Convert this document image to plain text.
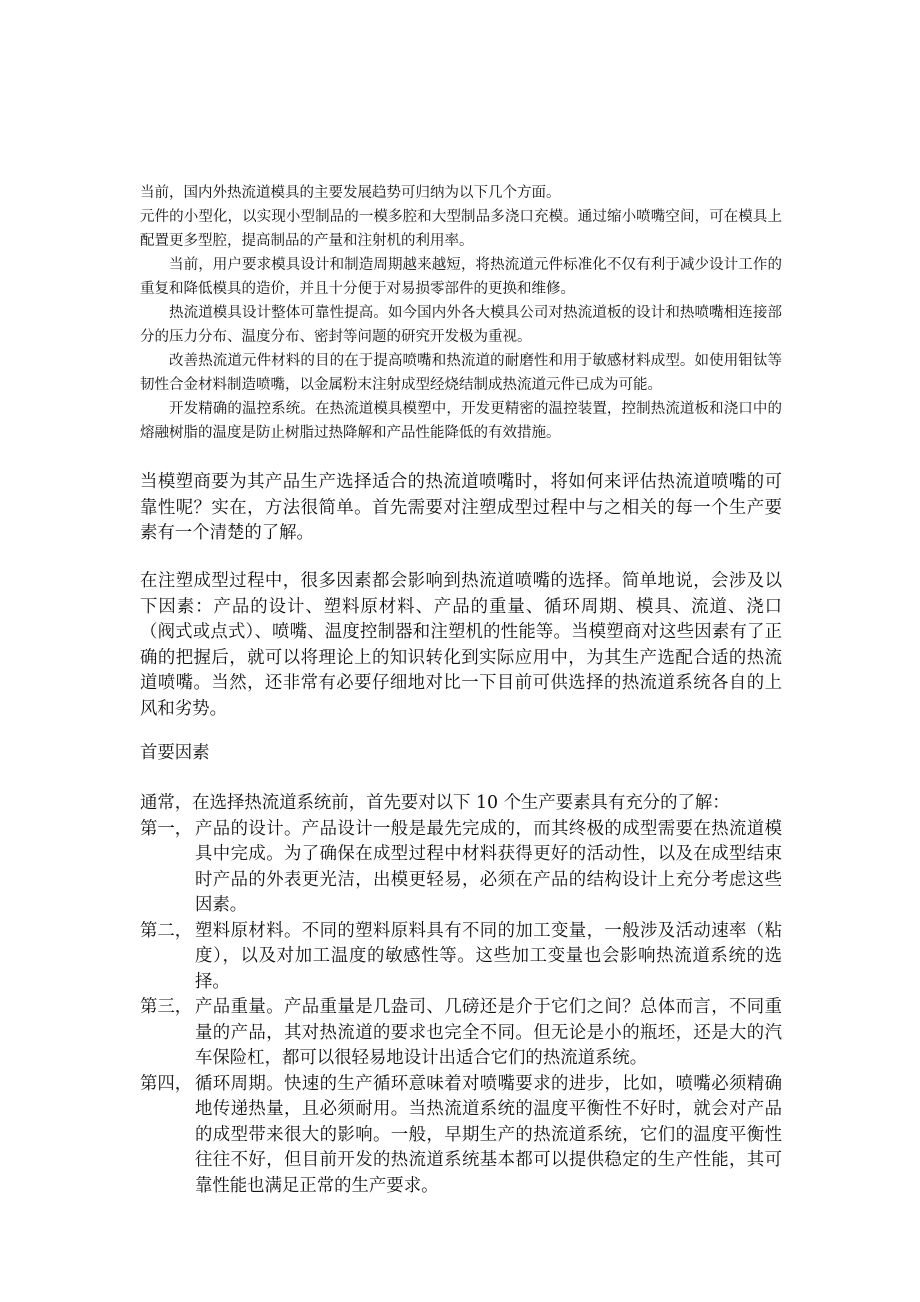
当前，国内外热流道模具的主要发展趋势可归纳为以下几个方面。

元件的小型化，以实现小型制品的一模多腔和大型制品多浇口充模。通过缩小喷嘴空间，可在模具上配置更多型腔，提高制品的产量和注射机的利用率。

当前，用户要求模具设计和制造周期越来越短，将热流道元件标准化不仅有利于减少设计工作的重复和降低模具的造价，并且十分便于对易损零部件的更换和维修。

热流道模具设计整体可靠性提高。如今国内外各大模具公司对热流道板的设计和热喷嘴相连接部分的压力分布、温度分布、密封等问题的研究开发极为重视。

改善热流道元件材料的目的在于提高喷嘴和热流道的耐磨性和用于敏感材料成型。如使用钼钛等韧性合金材料制造喷嘴，以金属粉末注射成型经烧结制成热流道元件已成为可能。

开发精确的温控系统。在热流道模具模塑中，开发更精密的温控装置，控制热流道板和浇口中的熔融树脂的温度是防止树脂过热降解和产品性能降低的有效措施。

当模塑商要为其产品生产选择适合的热流道喷嘴时，将如何来评估热流道喷嘴的可靠性呢？实在，方法很简单。首先需要对注塑成型过程中与之相关的每一个生产要素有一个清楚的了解。

在注塑成型过程中，很多因素都会影响到热流道喷嘴的选择。简单地说，会涉及以下因素：产品的设计、塑料原材料、产品的重量、循环周期、模具、流道、浇口（阀式或点式）、喷嘴、温度控制器和注塑机的性能等。当模塑商对这些因素有了正确的把握后，就可以将理论上的知识转化到实际应用中，为其生产选配合适的热流道喷嘴。当然，还非常有必要仔细地对比一下目前可供选择的热流道系统各自的上风和劣势。

首要因素

通常，在选择热流道系统前，首先要对以下 10 个生产要素具有充分的了解：

第一， 产品的设计。产品设计一般是最先完成的，而其终极的成型需要在热流道模具中完成。为了确保在成型过程中材料获得更好的活动性，以及在成型结束时产品的外表更光洁，出模更轻易，必须在产品的结构设计上充分考虑这些因素。
第二， 塑料原材料。不同的塑料原料具有不同的加工变量，一般涉及活动速率（粘度），以及对加工温度的敏感性等。这些加工变量也会影响热流道系统的选择。
第三， 产品重量。产品重量是几盎司、几磅还是介于它们之间？总体而言，不同重量的产品，其对热流道的要求也完全不同。但无论是小的瓶坯，还是大的汽车保险杠，都可以很轻易地设计出适合它们的热流道系统。
第四， 循环周期。快速的生产循环意味着对喷嘴要求的进步，比如，喷嘴必须精确地传递热量，且必须耐用。当热流道系统的温度平衡性不好时，就会对产品的成型带来很大的影响。一般，早期生产的热流道系统，它们的温度平衡性往往不好，但目前开发的热流道系统基本都可以提供稳定的生产性能，其可靠性能也满足正常的生产要求。
